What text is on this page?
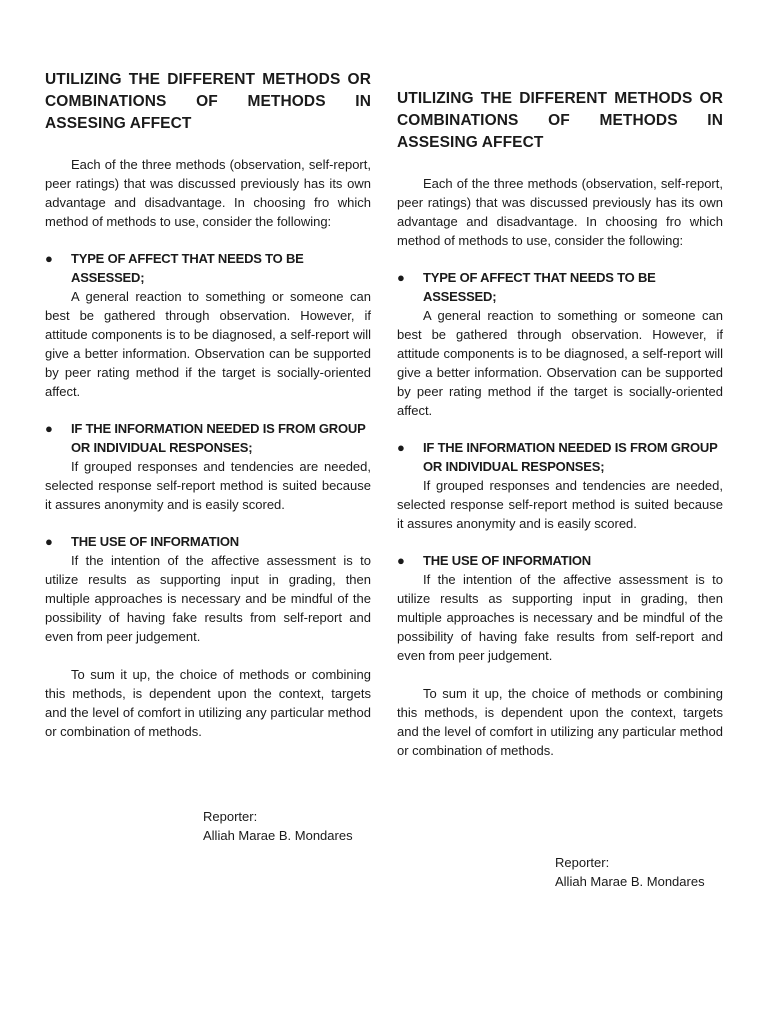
UTILIZING THE DIFFERENT METHODS OR COMBINATIONS OF METHODS IN ASSESING AFFECT

Each of the three methods (observation, self-report, peer ratings) that was discussed previously has its own advantage and disadvantage. In choosing fro which method of methods to use, consider the following:

● TYPE OF AFFECT THAT NEEDS TO BE ASSESSED;

A general reaction to something or someone can best be gathered through observation. However, if attitude components is to be diagnosed, a self-report will give a better information. Observation can be supported by peer rating method if the target is socially-oriented affect.

● IF THE INFORMATION NEEDED IS FROM GROUP OR INDIVIDUAL RESPONSES;

If grouped responses and tendencies are needed, selected response self-report method is suited because it assures anonymity and is easily scored.

● THE USE OF INFORMATION

If the intention of the affective assessment is to utilize results as supporting input in grading, then multiple approaches is necessary and be mindful of the possibility of having fake results from self-report and even from peer judgement.

To sum it up, the choice of methods or combining this methods, is dependent upon the context, targets and the level of comfort in utilizing any particular method or combination of methods.

Reporter:
Alliah Marae B. Mondares
UTILIZING THE DIFFERENT METHODS OR COMBINATIONS OF METHODS IN ASSESING AFFECT

Each of the three methods (observation, self-report, peer ratings) that was discussed previously has its own advantage and disadvantage. In choosing fro which method of methods to use, consider the following:

● TYPE OF AFFECT THAT NEEDS TO BE ASSESSED;

A general reaction to something or someone can best be gathered through observation. However, if attitude components is to be diagnosed, a self-report will give a better information. Observation can be supported by peer rating method if the target is socially-oriented affect.

● IF THE INFORMATION NEEDED IS FROM GROUP OR INDIVIDUAL RESPONSES;

If grouped responses and tendencies are needed, selected response self-report method is suited because it assures anonymity and is easily scored.

● THE USE OF INFORMATION

If the intention of the affective assessment is to utilize results as supporting input in grading, then multiple approaches is necessary and be mindful of the possibility of having fake results from self-report and even from peer judgement.

To sum it up, the choice of methods or combining this methods, is dependent upon the context, targets and the level of comfort in utilizing any particular method or combination of methods.

Reporter:
Alliah Marae B. Mondares
